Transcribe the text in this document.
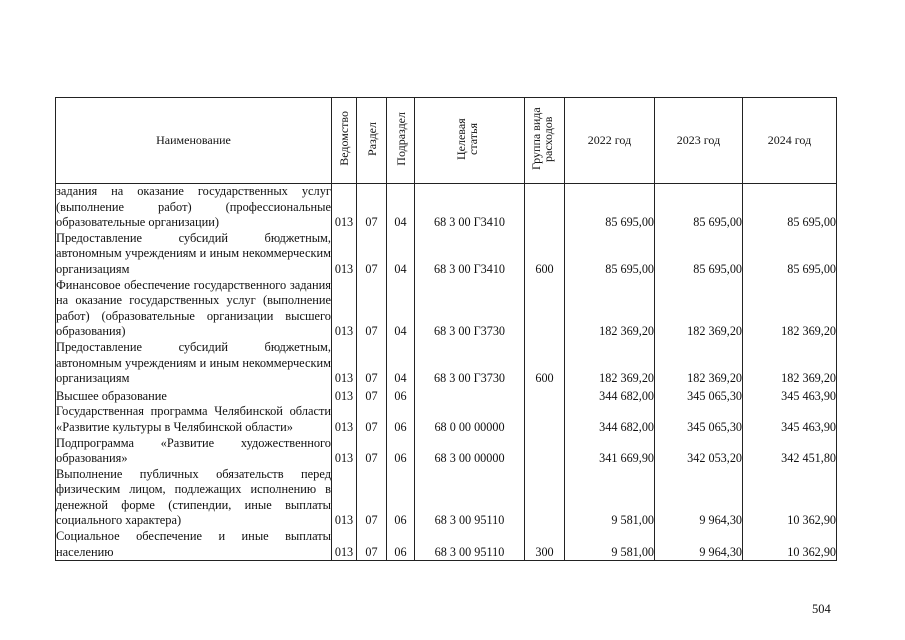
Наименование	Ведомство	Раздел	Подраздел	Целевая статья	Группа вида расходов	2022 год	2023 год	2024 год
задания на оказание государственных услуг (выполнение работ) (профессиональные образовательные организации)	013	07	04	68 3 00 Г3410		85 695,00	85 695,00	85 695,00
Предоставление субсидий бюджетным, автономным учреждениям и иным некоммерческим организациям	013	07	04	68 3 00 Г3410	600	85 695,00	85 695,00	85 695,00
Финансовое обеспечение государственного задания на оказание государственных услуг (выполнение работ) (образовательные организации высшего образования)	013	07	04	68 3 00 Г3730		182 369,20	182 369,20	182 369,20
Предоставление субсидий бюджетным, автономным учреждениям и иным некоммерческим организациям	013	07	04	68 3 00 Г3730	600	182 369,20	182 369,20	182 369,20
Высшее образование	013	07	06			344 682,00	345 065,30	345 463,90
Государственная программа Челябинской области «Развитие культуры в Челябинской области»	013	07	06	68 0 00 00000		344 682,00	345 065,30	345 463,90
Подпрограмма «Развитие художественного образования»	013	07	06	68 3 00 00000		341 669,90	342 053,20	342 451,80
Выполнение публичных обязательств перед физическим лицом, подлежащих исполнению в денежной форме (стипендии, иные выплаты социального характера)	013	07	06	68 3 00 95110		9 581,00	9 964,30	10 362,90
Социальное обеспечение и иные выплаты населению	013	07	06	68 3 00 95110	300	9 581,00	9 964,30	10 362,90
504
